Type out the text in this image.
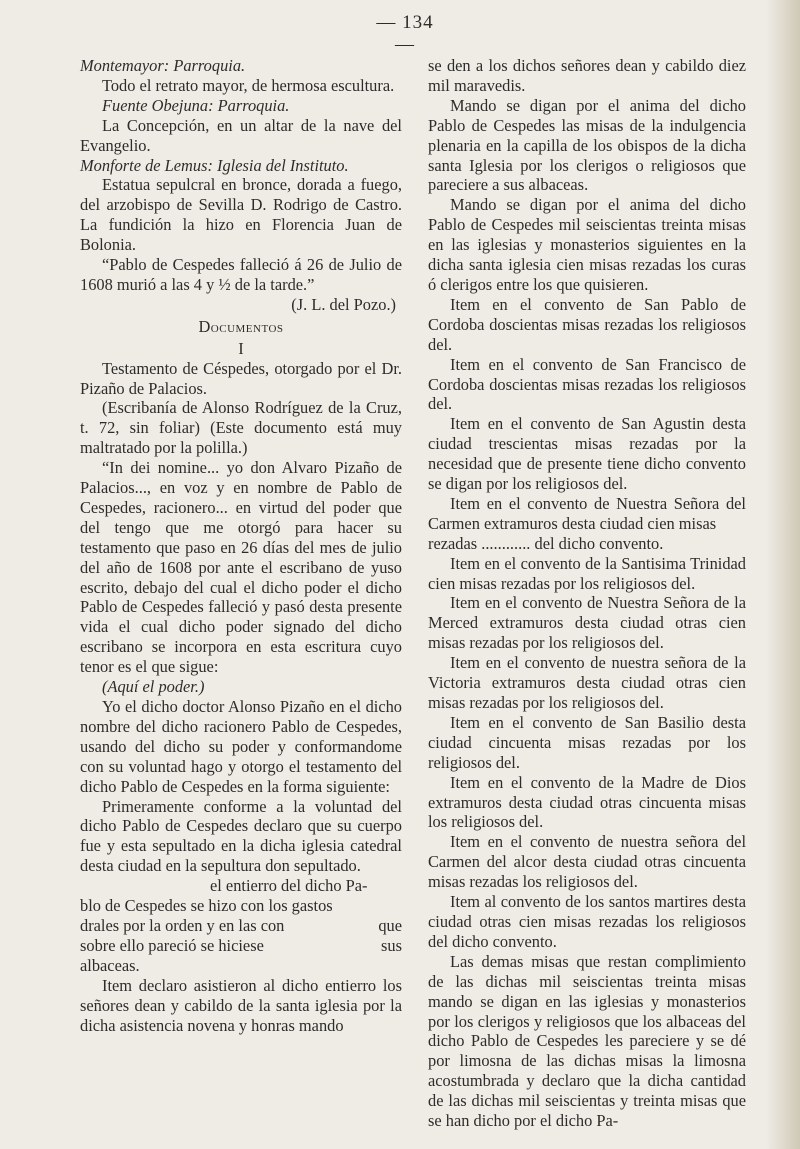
— 134 —

Montemayor: Parroquia.

Todo el retrato mayor, de hermosa escultura.

Fuente Obejuna: Parroquia.

La Concepción, en un altar de la nave del Evangelio.

Monforte de Lemus: Iglesia del Instituto.

Estatua sepulcral en bronce, dorada a fuego, del arzobispo de Sevilla D. Rodrigo de Castro. La fundición la hizo en Florencia Juan de Bolonia.

“Pablo de Cespedes falleció á 26 de Julio de 1608 murió a las 4 y ½ de la tarde.”

(J. L. del Pozo.)

Documentos

I

Testamento de Céspedes, otorgado por el Dr. Pizaño de Palacios.

(Escribanía de Alonso Rodríguez de la Cruz, t. 72, sin foliar) (Este documento está muy maltratado por la polilla.)

“In dei nomine... yo don Alvaro Pizaño de Palacios..., en voz y en nombre de Pablo de Cespedes, racionero... en virtud del poder que del tengo que me otorgó para hacer su testamento que paso en 26 días del mes de julio del año de 1608 por ante el escribano de yuso escrito, debajo del cual el dicho poder el dicho Pablo de Cespedes falleció y pasó desta presente vida el cual dicho poder signado del dicho escribano se incorpora en esta escritura cuyo tenor es el que sigue:

(Aquí el poder.)

Yo el dicho doctor Alonso Pizaño en el dicho nombre del dicho racionero Pablo de Cespedes, usando del dicho su poder y conformandome con su voluntad hago y otorgo el testamento del dicho Pablo de Cespedes en la forma siguiente:

Primeramente conforme a la voluntad del dicho Pablo de Cespedes declaro que su cuerpo fue y esta sepultado en la dicha iglesia catedral desta ciudad en la sepultura don sepultado.

el entierro del dicho Pa-

blo de Cespedes se hizo con los gastos

drales por la orden y en las con	que

sobre ello pareció se hiciese	sus

albaceas.

Item declaro asistieron al dicho entierro los señores dean y cabildo de la santa iglesia por la dicha asistencia novena y honras mando

se den a los dichos señores dean y cabildo diez mil maravedis.

Mando se digan por el anima del dicho Pablo de Cespedes las misas de la indulgencia plenaria en la capilla de los obispos de la dicha santa Iglesia por los clerigos o religiosos que pareciere a sus albaceas.

Mando se digan por el anima del dicho Pablo de Cespedes mil seiscientas treinta misas en las iglesias y monasterios siguientes en la dicha santa iglesia cien misas rezadas los curas ó clerigos entre los que quisieren.

Item en el convento de San Pablo de Cordoba doscientas misas rezadas los religiosos del.

Item en el convento de San Francisco de Cordoba doscientas misas rezadas los religiosos del.

Item en el convento de San Agustin desta ciudad trescientas misas rezadas por la necesidad que de presente tiene dicho convento se digan por los religiosos del.

Item en el convento de Nuestra Señora del Carmen extramuros desta ciudad cien misas

rezadas ............ del dicho convento.

Item en el convento de la Santisima Trinidad cien misas rezadas por los religiosos del.

Item en el convento de Nuestra Señora de la Merced extramuros desta ciudad otras cien misas rezadas por los religiosos del.

Item en el convento de nuestra señora de la Victoria extramuros desta ciudad otras cien misas rezadas por los religiosos del.

Item en el convento de San Basilio desta ciudad cincuenta misas rezadas por los religiosos del.

Item en el convento de la Madre de Dios extramuros desta ciudad otras cincuenta misas los religiosos del.

Item en el convento de nuestra señora del Carmen del alcor desta ciudad otras cincuenta misas rezadas los religiosos del.

Item al convento de los santos martires desta ciudad otras cien misas rezadas los religiosos del dicho convento.

Las demas misas que restan complimiento de las dichas mil seiscientas treinta misas mando se digan en las iglesias y monasterios por los clerigos y religiosos que los albaceas del dicho Pablo de Cespedes les pareciere y se dé por limosna de las dichas misas la limosna acostumbrada y declaro que la dicha cantidad de las dichas mil seiscientas y treinta misas que se han dicho por el dicho Pa-
